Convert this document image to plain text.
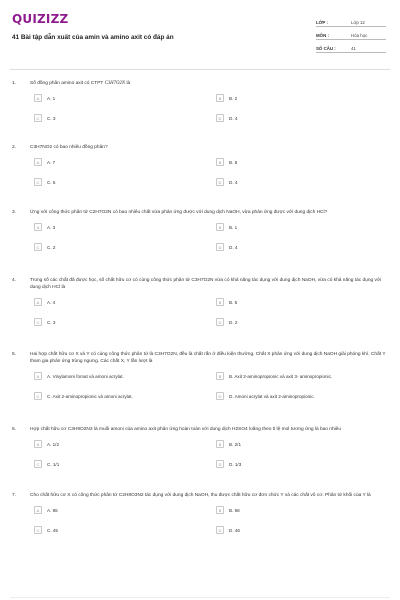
QUIZIZZ
41 Bài tập dẫn xuất của amin và amino axit có đáp án
LỚP :	Lớp 12
MÔN :	Hóa học
SỐ CÂU :	41
1.	Số đồng phân amino axit có CTPT C3H7O2N là
A	A. 1	B	B. 2
C	C. 3	D	D. 4
2.	C3H7NO2 có bao nhiêu đồng phân?
A	A. 7	B	B. 8
C	C. 5	D	D. 4
3.	Ứng với công thức phân tử C2H7O2N có bao nhiêu chất vừa phản ứng được với dung dịch NaOH, vừa phản ứng được với dung dịch HCl?
A	A. 3	B	B. 1
C	C. 2	D	D. 4
4.	Trong số các chất đã được học, số chất hữu cơ có cùng công thức phân tử C3H7O2N vừa có khả năng tác dụng với dung dịch NaOH, vừa có khả năng tác dụng với dung dịch HCl là
A	A. 4	B	B. 5
C	C. 3	D	D. 2
5.	Hai hợp chất hữu cơ X và Y có cùng công thức phân tử là C3H7O2N, đều là chất rắn ở điều kiện thường. Chất X phản ứng với dung dịch NaOH giải phóng khí. Chất Y tham gia phản ứng trùng ngưng. Các chất X, Y lần lượt là
A	A. Vinylamoni fomat và amoni acrylat.	B	B. Axit 2-aminopropionic và axit 3- aminopropionic.
C	C. Axit 2-aminopropionic và amoni acrylat.	D	D. Amoni acrylat và axit 2-aminopropionic.
6.	Hợp chất hữu cơ C3H9O2N3 là muối amoni của amino axit phản ứng hoàn toàn với dung dịch H2SO4 loãng theo tỉ lệ mol tương ứng là bao nhiêu
A	A. 1/2	B	B. 2/1
C	C. 1/1	D	D. 1/3
7.	Cho chất hữu cơ X có công thức phân tử C2H8O3N2 tác dụng với dung dịch NaOH, thu được chất hữu cơ đơn chức Y và các chất vô cơ. Phân tử khối của Y là
A	A. 85	B	B. 68
C	C. 45	D	D. 46
